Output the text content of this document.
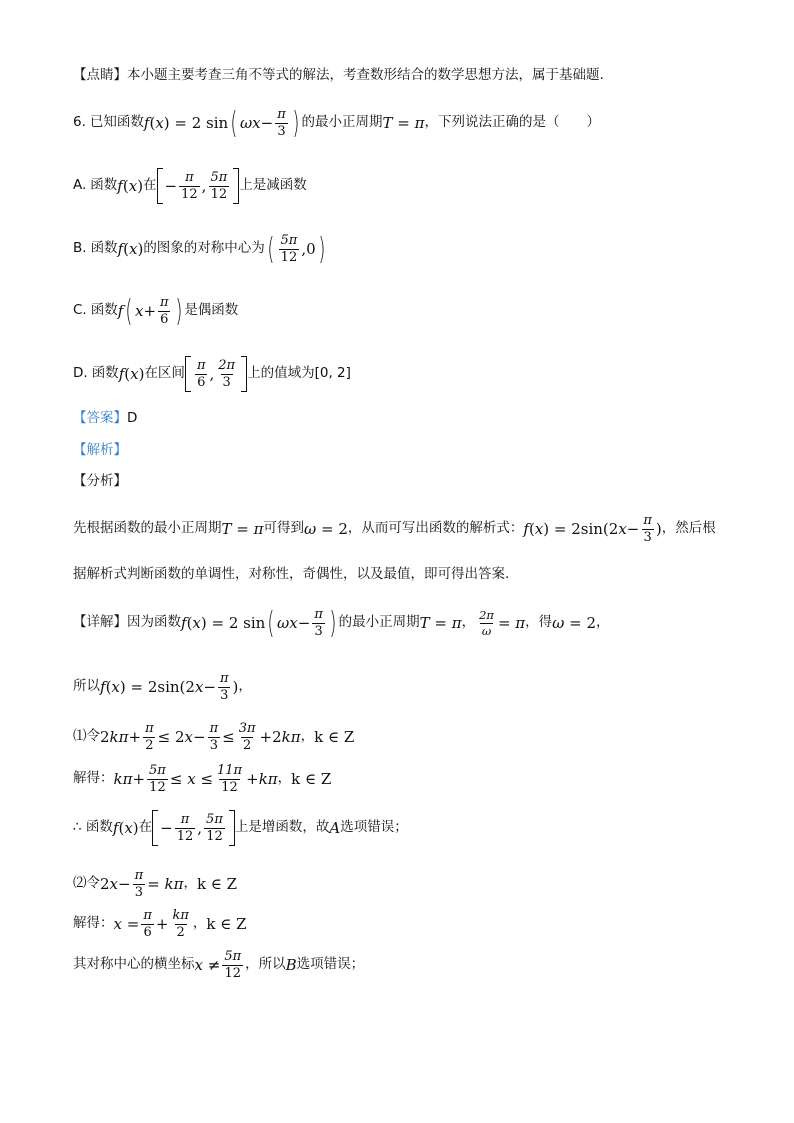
【点睛】 本小题主要考查三角不等式的解法，考查数形结合的数学思想方法，属于基础题.
6. 已知函数 f ( x ) = 2 sin ( $\omega x - \frac{\pi}{3}$ ) 的最小正周期 T = π ，下列说法正确的是（　　）
A. 函数 f ( x ) 在 − $\frac{\pi}{12}$ , $\frac{5\pi}{12}$ 上是减函数
B. 函数 f ( x ) 的图象的对称中心为 ( $\frac{5\pi}{12} ,0$ )
C. 函数 f ( $x + \frac{\pi}{6}$ ) 是偶函数
D. 函数 f ( x ) 在区间 $\frac{\pi}{6}$ , $\frac{2\pi}{3}$ 上的值域为[0, 2]
【答案】 D
【解析】
【分析】
先根据函数的最小正周期 T = π 可得到 ω = 2 ，从而可写出函数的解析式： f ( x ) = 2sin(2 $x - \frac{\pi}{3}$ ) ，然后根
据解析式判断函数的单调性，对称性，奇偶性，以及最值，即可得出答案.
【详解】 因为函数 f ( x ) = 2 sin ( $\omega x - \frac{\pi}{3}$ ) 的最小正周期 T = π ， $\frac{2\pi}{\omega} = \pi$ ，得 ω = 2 ，
所以 f ( x ) = 2sin(2 $x - \frac{\pi}{3}$ ) ，
⑴ 令 2 $k\pi + \frac{\pi}{2} \le 2$ $x - \frac{\pi}{3} \le \frac{3\pi}{2} +2$ kπ ， k ∈ Z
解得： $k\pi + \frac{5\pi}{12} \le x \le \frac{11\pi}{12} + k\pi$ ， k ∈ Z
∴ 函数 f ( x ) 在 − $\frac{\pi}{12}$ , $\frac{5\pi}{12}$ 上是增函数，故 A 选项错误；
⑵ 令 2 $x - \frac{\pi}{3} = k\pi$ ， k ∈ Z
解得： $x = \frac{\pi}{6} + \frac{k\pi}{2}$ ， k ∈ Z
其对称中心的横坐标 $x \ne \frac{5\pi}{12}$ ，所以 B 选项错误；
